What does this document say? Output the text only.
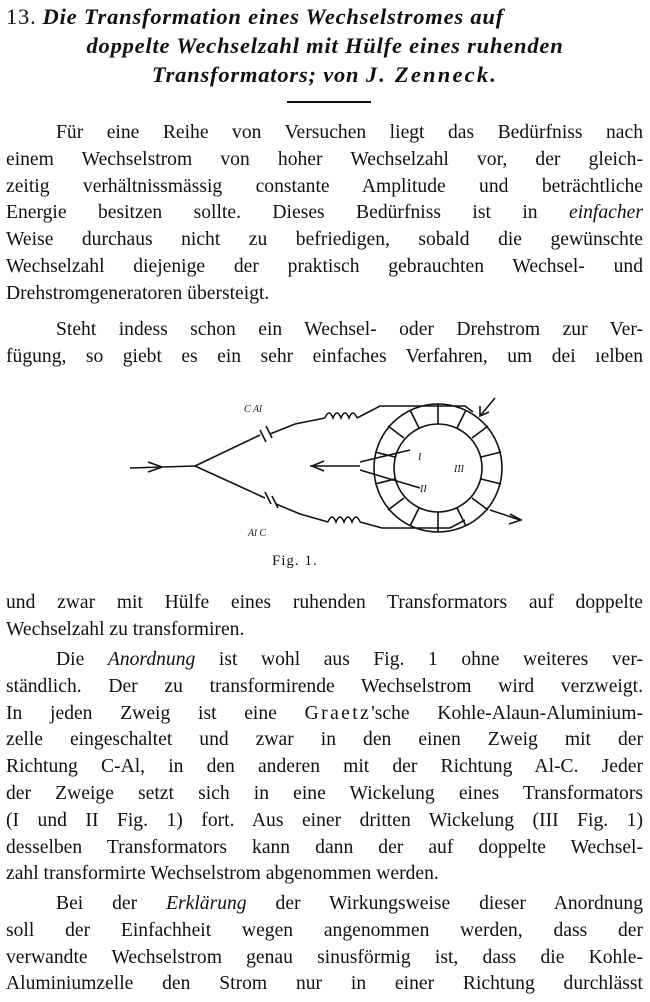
13. Die Transformation eines Wechselstromes auf
doppelte Wechselzahl mit Hülfe eines ruhenden
Transformators; von J. Zenneck.
Für eine Reihe von Versuchen liegt das Bedürfniss nach
einem Wechselstrom von hoher Wechselzahl vor, der gleich-
zeitig verhältnissmässig constante Amplitude und beträchtliche
Energie besitzen sollte. Dieses Bedürfniss ist in einfacher
Weise durchaus nicht zu befriedigen, sobald die gewünschte
Wechselzahl diejenige der praktisch gebrauchten Wechsel- und
Drehstromgeneratoren übersteigt.
Steht indess schon ein Wechsel- oder Drehstrom zur Ver-
fügung, so giebt es ein sehr einfaches Verfahren, um dei ıelben
C Al
Al C
I
II
III
Fig. 1.
und zwar mit Hülfe eines ruhenden Transformators auf doppelte
Wechselzahl zu transformiren.
Die Anordnung ist wohl aus Fig. 1 ohne weiteres ver-
ständlich. Der zu transformirende Wechselstrom wird verzweigt.
In jeden Zweig ist eine Graetz'sche Kohle-Alaun-Aluminium-
zelle eingeschaltet und zwar in den einen Zweig mit der
Richtung C-Al, in den anderen mit der Richtung Al-C. Jeder
der Zweige setzt sich in eine Wickelung eines Transformators
(I und II Fig. 1) fort. Aus einer dritten Wickelung (III Fig. 1)
desselben Transformators kann dann der auf doppelte Wechsel-
zahl transformirte Wechselstrom abgenommen werden.
Bei der Erklärung der Wirkungsweise dieser Anordnung
soll der Einfachheit wegen angenommen werden, dass der
verwandte Wechselstrom genau sinusförmig ist, dass die Kohle-
Aluminiumzelle den Strom nur in einer Richtung durchlässt
